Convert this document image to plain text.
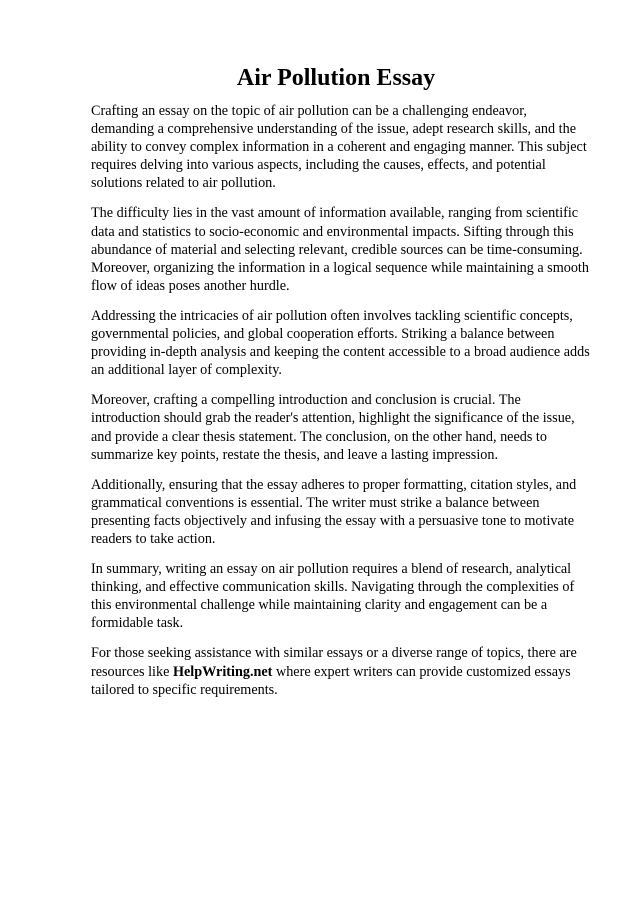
Air Pollution Essay

Crafting an essay on the topic of air pollution can be a challenging endeavor, demanding a comprehensive understanding of the issue, adept research skills, and the ability to convey complex information in a coherent and engaging manner. This subject requires delving into various aspects, including the causes, effects, and potential solutions related to air pollution.

The difficulty lies in the vast amount of information available, ranging from scientific data and statistics to socio-economic and environmental impacts. Sifting through this abundance of material and selecting relevant, credible sources can be time-consuming. Moreover, organizing the information in a logical sequence while maintaining a smooth flow of ideas poses another hurdle.

Addressing the intricacies of air pollution often involves tackling scientific concepts, governmental policies, and global cooperation efforts. Striking a balance between providing in-depth analysis and keeping the content accessible to a broad audience adds an additional layer of complexity.

Moreover, crafting a compelling introduction and conclusion is crucial. The introduction should grab the reader's attention, highlight the significance of the issue, and provide a clear thesis statement. The conclusion, on the other hand, needs to summarize key points, restate the thesis, and leave a lasting impression.

Additionally, ensuring that the essay adheres to proper formatting, citation styles, and grammatical conventions is essential. The writer must strike a balance between presenting facts objectively and infusing the essay with a persuasive tone to motivate readers to take action.

In summary, writing an essay on air pollution requires a blend of research, analytical thinking, and effective communication skills. Navigating through the complexities of this environmental challenge while maintaining clarity and engagement can be a formidable task.

For those seeking assistance with similar essays or a diverse range of topics, there are resources like HelpWriting.net where expert writers can provide customized essays tailored to specific requirements.
